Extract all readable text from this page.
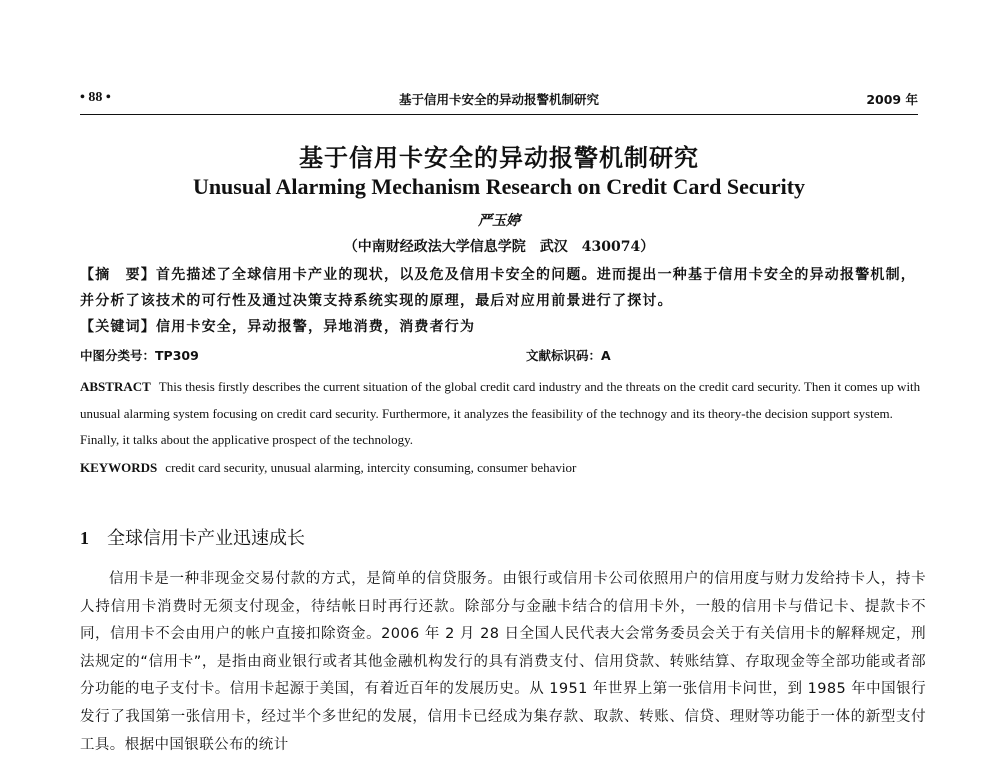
• 88 •	基于信用卡安全的异动报警机制研究	2009 年
基于信用卡安全的异动报警机制研究
Unusual Alarming Mechanism Research on Credit Card Security
严玉婷
（中南财经政法大学信息学院　武汉　430074）
【摘　要】首先描述了全球信用卡产业的现状，以及危及信用卡安全的问题。进而提出一种基于信用卡安全的异动报警机制，并分析了该技术的可行性及通过决策支持系统实现的原理，最后对应用前景进行了探讨。
【关键词】信用卡安全，异动报警，异地消费，消费者行为
中图分类号：TP309	文献标识码：A
ABSTRACT This thesis firstly describes the current situation of the global credit card industry and the threats on the credit card security. Then it comes up with unusual alarming system focusing on credit card security. Furthermore, it analyzes the feasibility of the technogy and its theory-the decision support system. Finally, it talks about the applicative prospect of the technology.
KEYWORDS credit card security, unusual alarming, intercity consuming, consumer behavior
1 全球信用卡产业迅速成长
信用卡是一种非现金交易付款的方式，是简单的信贷服务。由银行或信用卡公司依照用户的信用度与财力发给持卡人，持卡人持信用卡消费时无须支付现金，待结帐日时再行还款。除部分与金融卡结合的信用卡外，一般的信用卡与借记卡、提款卡不同，信用卡不会由用户的帐户直接扣除资金。2006 年 2 月 28 日全国人民代表大会常务委员会关于有关信用卡的解释规定，刑法规定的“信用卡”，是指由商业银行或者其他金融机构发行的具有消费支付、信用贷款、转账结算、存取现金等全部功能或者部分功能的电子支付卡。信用卡起源于美国，有着近百年的发展历史。从 1951 年世界上第一张信用卡问世，到 1985 年中国银行发行了我国第一张信用卡，经过半个多世纪的发展，信用卡已经成为集存款、取款、转账、信贷、理财等功能于一体的新型支付工具。根据中国银联公布的统计
